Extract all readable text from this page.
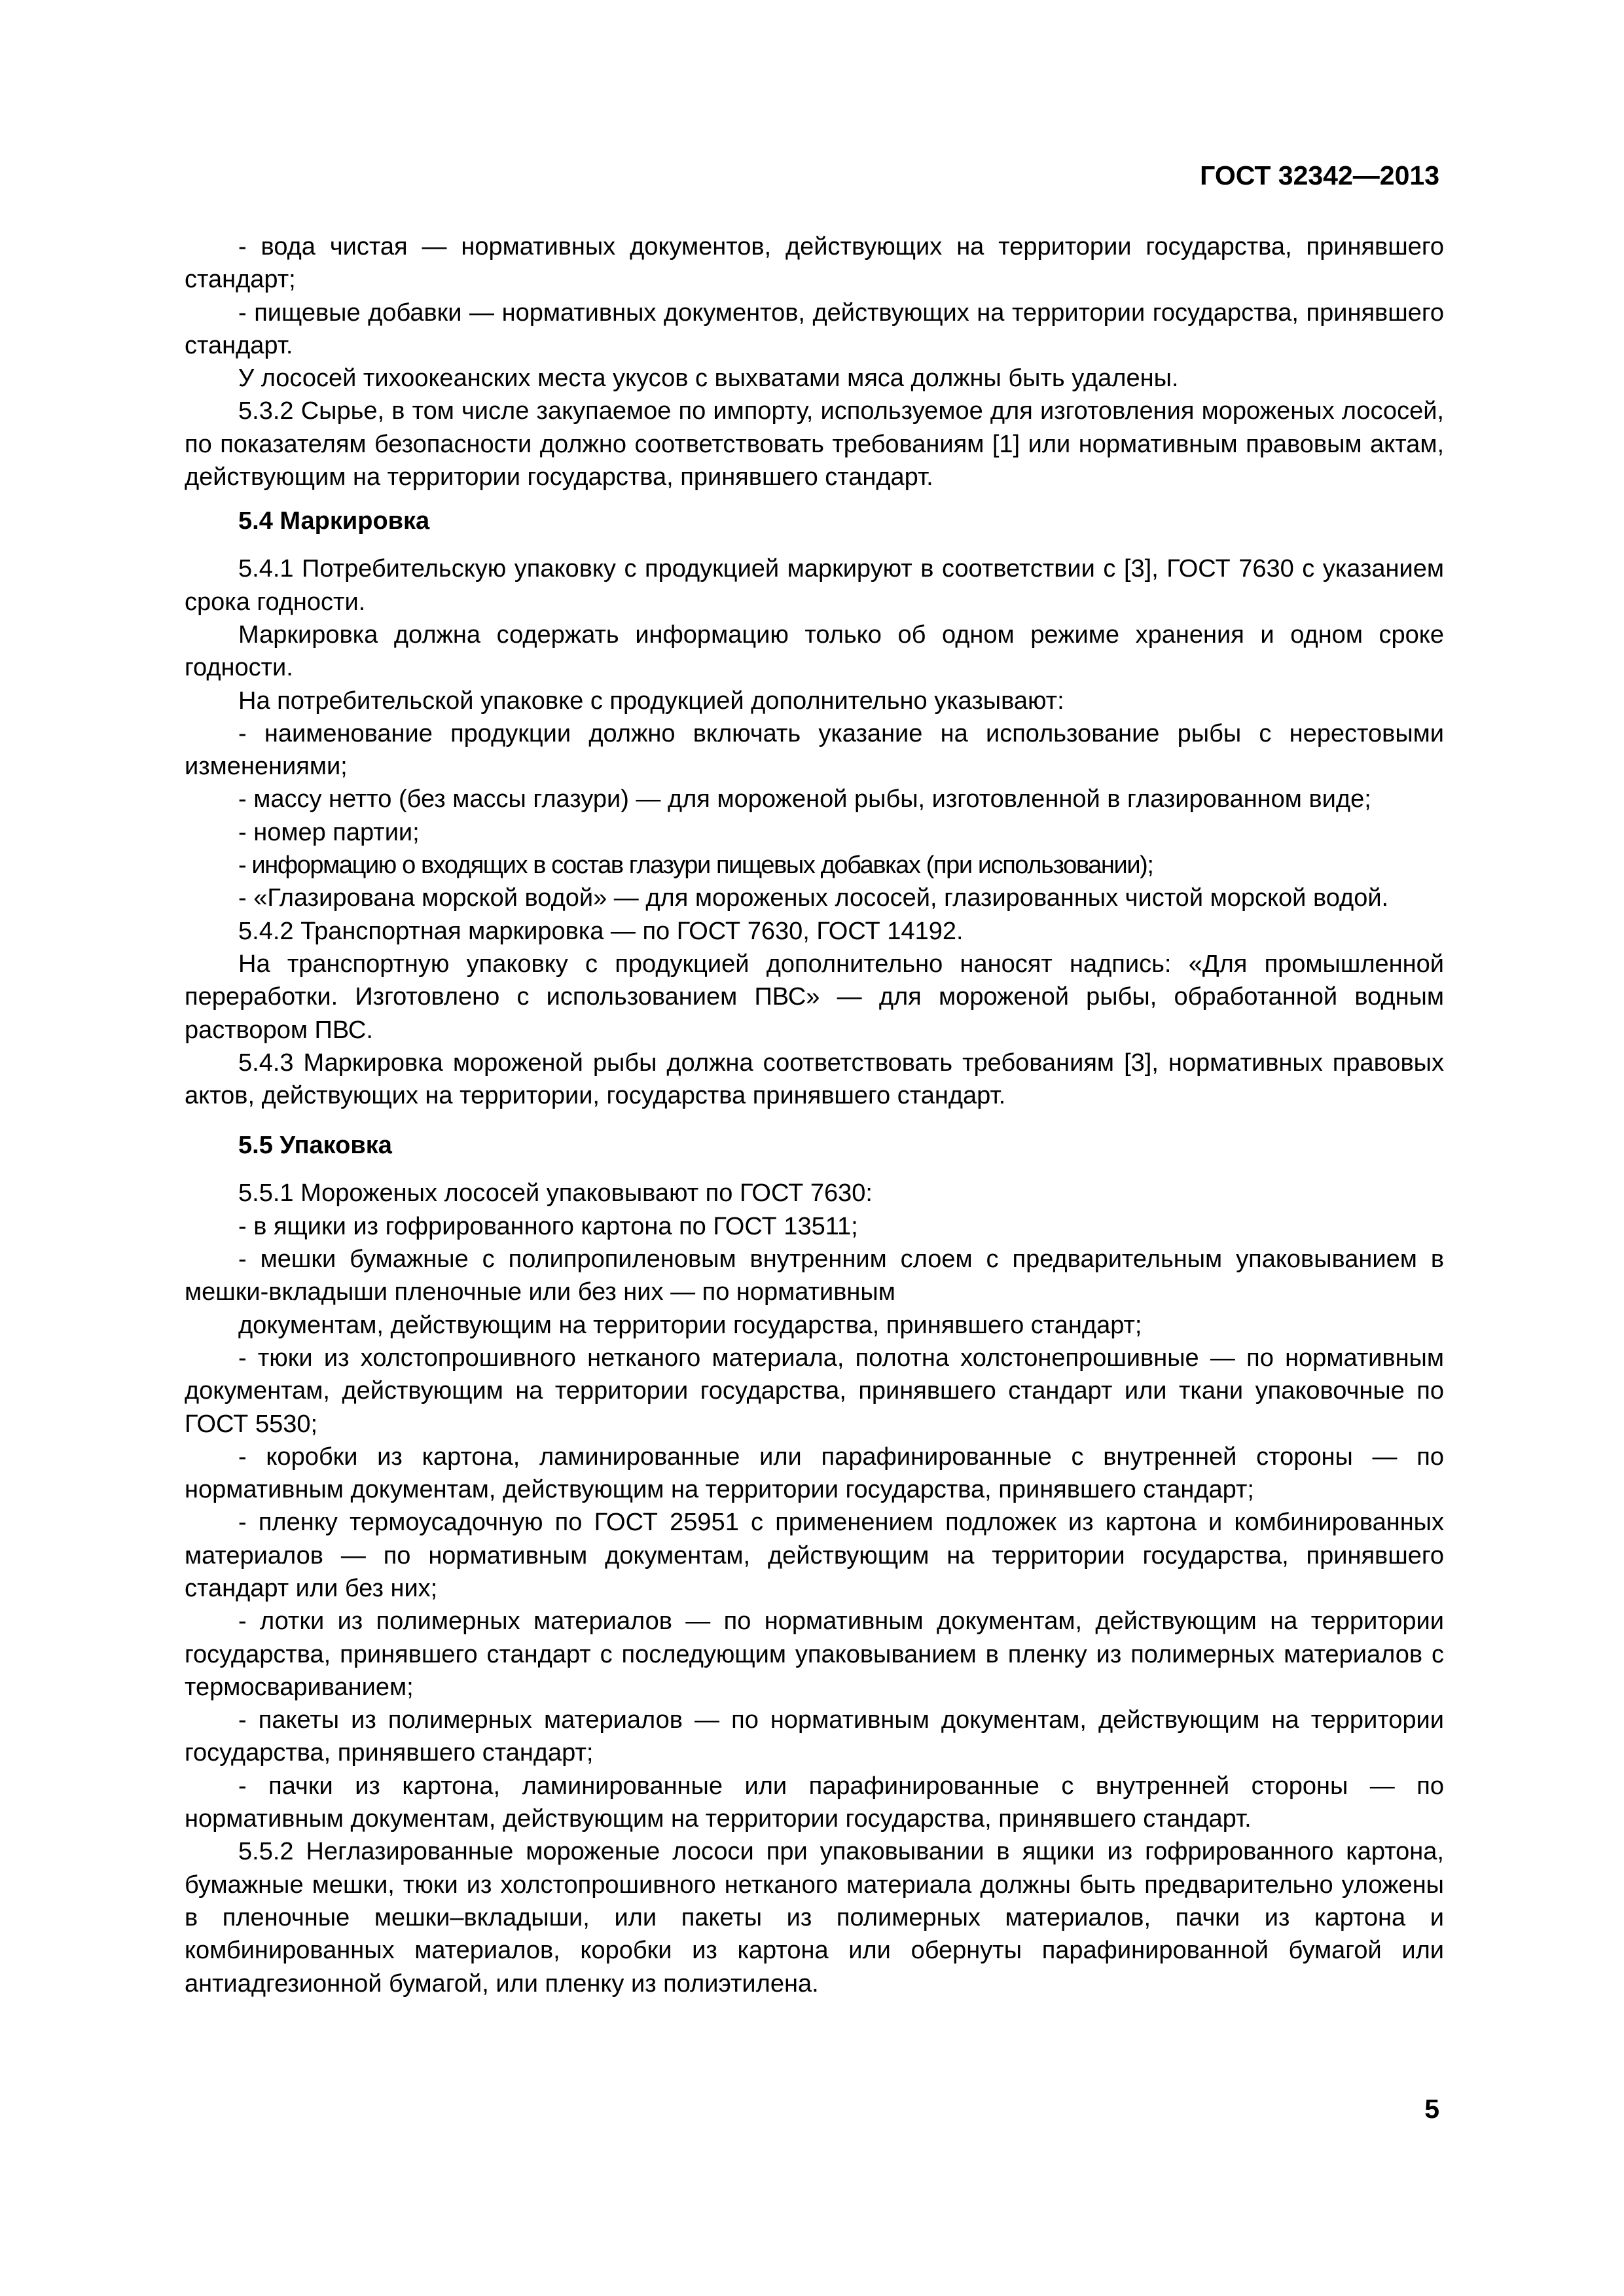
ГОСТ 32342—2013

- вода чистая — нормативных документов, действующих на территории государства, принявшего стандарт;

- пищевые добавки — нормативных документов, действующих на территории государства, принявшего стандарт.

У лососей тихоокеанских места укусов с выхватами мяса должны быть удалены.

5.3.2 Сырье, в том числе закупаемое по импорту, используемое для изготовления мороженых лососей, по показателям безопасности должно соответствовать требованиям [1] или нормативным правовым актам, действующим на территории государства, принявшего стандарт.

5.4 Маркировка

5.4.1 Потребительскую упаковку с продукцией маркируют в соответствии с [3], ГОСТ 7630 с указанием срока годности.

Маркировка должна содержать информацию только об одном режиме хранения и одном сроке годности.

На потребительской упаковке с продукцией дополнительно указывают:

- наименование продукции должно включать указание на использование рыбы с нерестовыми изменениями;

- массу нетто (без массы глазури) — для мороженой рыбы, изготовленной в глазированном виде;

- номер партии;

- информацию о входящих в состав глазури пищевых добавках (при использовании);

- «Глазирована морской водой» — для мороженых лососей, глазированных чистой морской водой.

5.4.2 Транспортная маркировка — по ГОСТ 7630, ГОСТ 14192.

На транспортную упаковку с продукцией дополнительно наносят надпись: «Для промышленной переработки. Изготовлено с использованием ПВС» — для мороженой рыбы, обработанной водным раствором ПВС.

5.4.3 Маркировка мороженой рыбы должна соответствовать требованиям [3], нормативных правовых актов, действующих на территории, государства принявшего стандарт.

5.5 Упаковка

5.5.1 Мороженых лососей упаковывают по ГОСТ 7630:

- в ящики из гофрированного картона по ГОСТ 13511;

- мешки бумажные с полипропиленовым внутренним слоем с предварительным упаковыванием в мешки-вкладыши пленочные или без них — по нормативным

документам, действующим на территории государства, принявшего стандарт;

- тюки из холстопрошивного нетканого материала, полотна холстонепрошивные — по нормативным документам, действующим на территории государства, принявшего стандарт или ткани упаковочные по ГОСТ 5530;

- коробки из картона, ламинированные или парафинированные с внутренней стороны — по нормативным документам, действующим на территории государства, принявшего стандарт;

- пленку термоусадочную по ГОСТ 25951 с применением подложек из картона и комбинированных материалов — по нормативным документам, действующим на территории государства, принявшего стандарт или без них;

- лотки из полимерных материалов — по нормативным документам, действующим на территории государства, принявшего стандарт с последующим упаковыванием в пленку из полимерных материалов с термосвариванием;

- пакеты из полимерных материалов — по нормативным документам, действующим на территории государства, принявшего стандарт;

- пачки из картона, ламинированные или парафинированные с внутренней стороны — по нормативным документам, действующим на территории государства, принявшего стандарт.

5.5.2 Неглазированные мороженые лососи при упаковывании в ящики из гофрированного картона, бумажные мешки, тюки из холстопрошивного нетканого материала должны быть предварительно уложены в пленочные мешки–вкладыши, или пакеты из полимерных материалов, пачки из картона и комбинированных материалов, коробки из картона или обернуты парафинированной бумагой или антиадгезионной бумагой, или пленку из полиэтилена.

5
